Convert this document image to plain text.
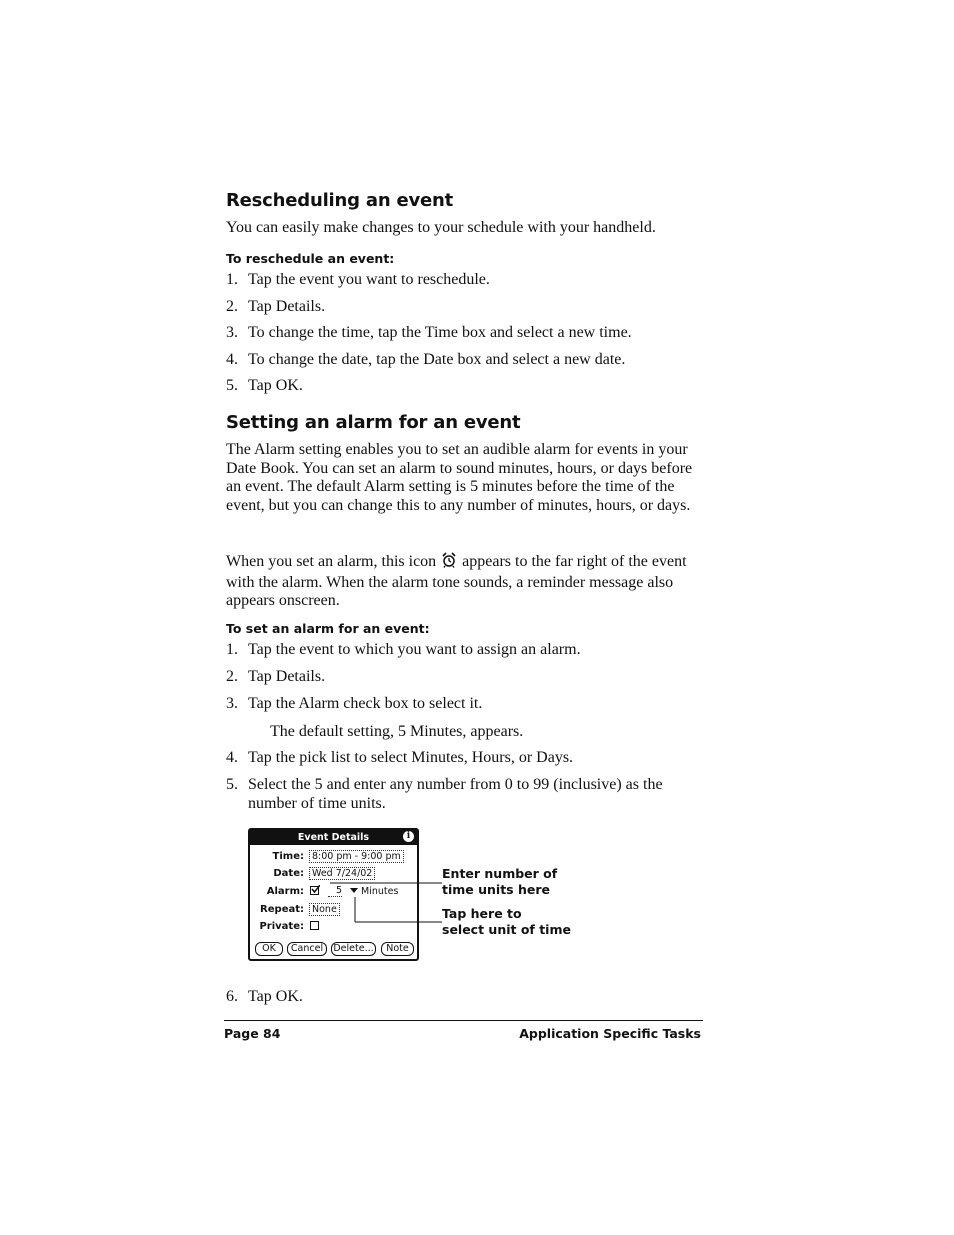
Rescheduling an event
You can easily make changes to your schedule with your handheld.
To reschedule an event:
1. Tap the event you want to reschedule.
2. Tap Details.
3. To change the time, tap the Time box and select a new time.
4. To change the date, tap the Date box and select a new date.
5. Tap OK.
Setting an alarm for an event
The Alarm setting enables you to set an audible alarm for events in your Date Book. You can set an alarm to sound minutes, hours, or days before an event. The default Alarm setting is 5 minutes before the time of the event, but you can change this to any number of minutes, hours, or days.
When you set an alarm, this icon appears to the far right of the event with the alarm. When the alarm tone sounds, a reminder message also appears onscreen.
To set an alarm for an event:
1. Tap the event to which you want to assign an alarm.
2. Tap Details.
3. Tap the Alarm check box to select it.
The default setting, 5 Minutes, appears.
4. Tap the pick list to select Minutes, Hours, or Days.
5. Select the 5 and enter any number from 0 to 99 (inclusive) as the number of time units.
Event Details	i
Time: 8:00 pm - 9:00 pm
Date: Wed 7/24/02
Alarm:	5	Minutes
Repeat: None
Private:
OK	Cancel	Delete...	Note
Enter number of
time units here
Tap here to
select unit of time
6. Tap OK.
Page 84	Application Specific Tasks
